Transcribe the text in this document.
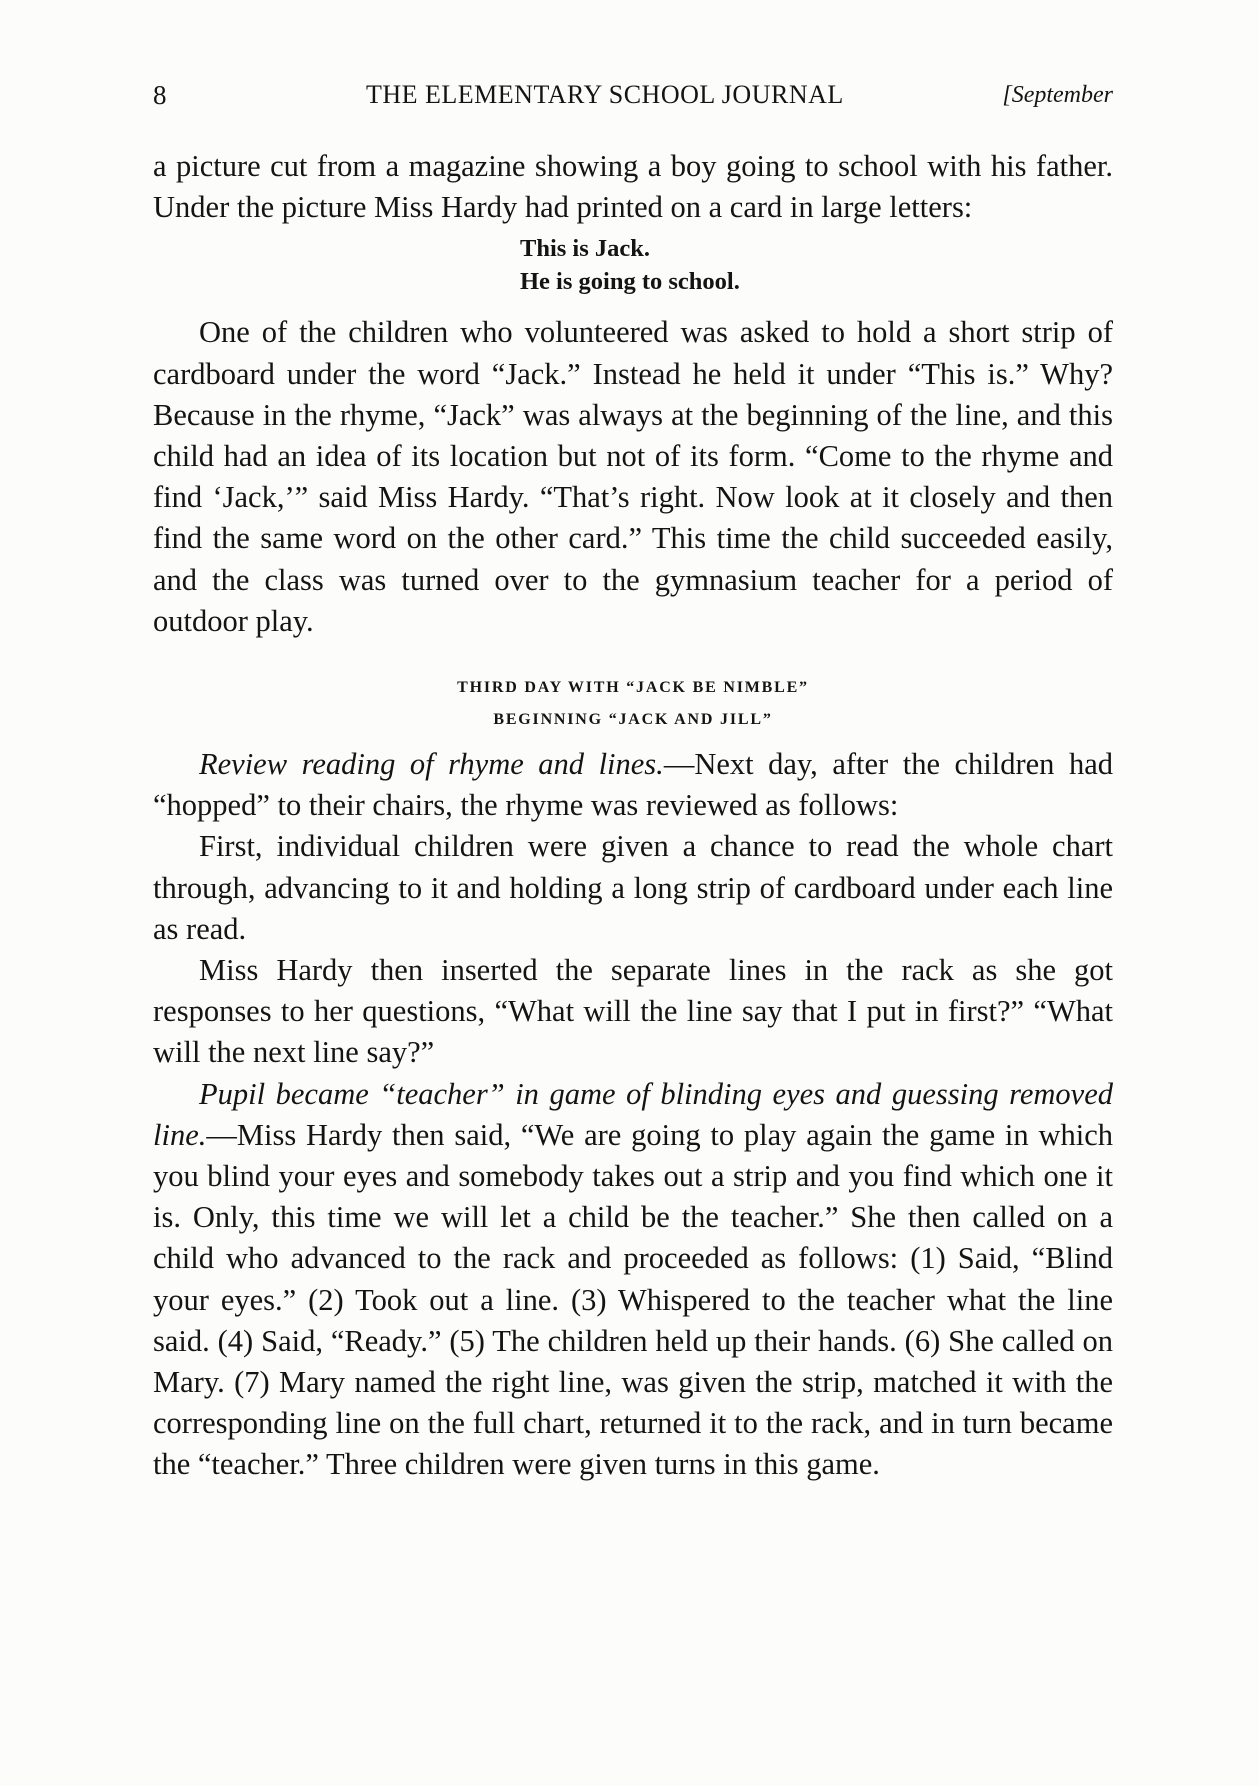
8	THE ELEMENTARY SCHOOL JOURNAL	[September

a picture cut from a magazine showing a boy going to school with his father. Under the picture Miss Hardy had printed on a card in large letters:

This is Jack.
He is going to school.

One of the children who volunteered was asked to hold a short strip of cardboard under the word “Jack.” Instead he held it under “This is.” Why? Because in the rhyme, “Jack” was always at the beginning of the line, and this child had an idea of its location but not of its form. “Come to the rhyme and find ‘Jack,’” said Miss Hardy. “That’s right. Now look at it closely and then find the same word on the other card.” This time the child succeeded easily, and the class was turned over to the gymnasium teacher for a period of outdoor play.

THIRD DAY WITH “JACK BE NIMBLE”
BEGINNING “JACK AND JILL”

Review reading of rhyme and lines.—Next day, after the children had “hopped” to their chairs, the rhyme was reviewed as follows:

First, individual children were given a chance to read the whole chart through, advancing to it and holding a long strip of cardboard under each line as read.

Miss Hardy then inserted the separate lines in the rack as she got responses to her questions, “What will the line say that I put in first?” “What will the next line say?”

Pupil became “teacher” in game of blinding eyes and guessing removed line.—Miss Hardy then said, “We are going to play again the game in which you blind your eyes and somebody takes out a strip and you find which one it is. Only, this time we will let a child be the teacher.” She then called on a child who advanced to the rack and proceeded as follows: (1) Said, “Blind your eyes.” (2) Took out a line. (3) Whispered to the teacher what the line said. (4) Said, “Ready.” (5) The children held up their hands. (6) She called on Mary. (7) Mary named the right line, was given the strip, matched it with the corresponding line on the full chart, returned it to the rack, and in turn became the “teacher.” Three children were given turns in this game.
